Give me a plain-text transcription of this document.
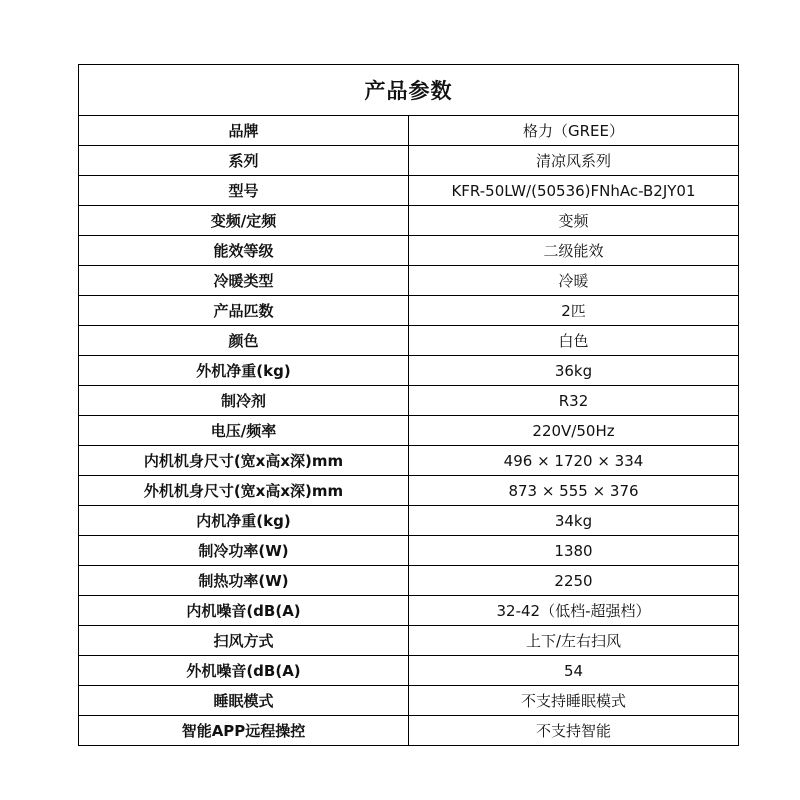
产品参数	
品牌	格力（GREE）
系列	清凉风系列
型号	KFR-50LW/(50536)FNhAc-B2JY01
变频/定频	变频
能效等级	二级能效
冷暖类型	冷暖
产品匹数	2匹
颜色	白色
外机净重(kg)	36kg
制冷剂	R32
电压/频率	220V/50Hz
内机机身尺寸(宽x高x深)mm	496 × 1720 × 334
外机机身尺寸(宽x高x深)mm	873 × 555 × 376
内机净重(kg)	34kg
制冷功率(W)	1380
制热功率(W)	2250
内机噪音(dB(A)	32-42（低档-超强档）
扫风方式	上下/左右扫风
外机噪音(dB(A)	54
睡眠模式	不支持睡眠模式
智能APP远程操控	不支持智能
